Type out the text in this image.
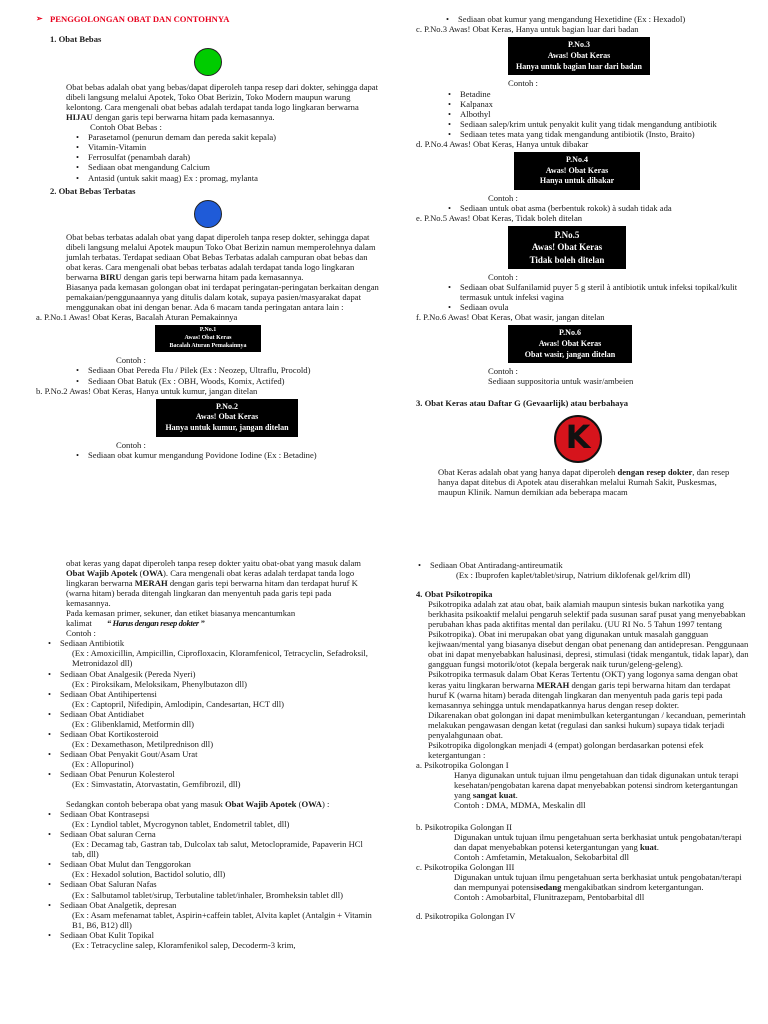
➢ PENGGOLONGAN OBAT DAN CONTOHNYA
1. Obat Bebas
Obat bebas adalah obat yang bebas/dapat diperoleh tanpa resep dari dokter, sehingga dapat dibeli langsung melalui Apotek, Toko Obat Berizin, Toko Modern maupun warung kelontong. Cara mengenali obat bebas adalah terdapat tanda logo lingkaran berwarna HIJAU dengan garis tepi berwarna hitam pada kemasannya.
Contoh Obat Bebas :
• Parasetamol (penurun demam dan pereda sakit kepala)
• Vitamin-Vitamin
• Ferrosulfat (penambah darah)
• Sediaan obat mengandung Calcium
• Antasid (untuk sakit maag) Ex : promag, mylanta
2. Obat Bebas Terbatas
Obat bebas terbatas adalah obat yang dapat diperoleh tanpa resep dokter, sehingga dapat dibeli langsung melalui Apotek maupun Toko Obat Berizin namun memperolehnya dalam jumlah terbatas. Terdapat sediaan Obat Bebas Terbatas adalah campuran obat bebas dan obat keras. Cara mengenali obat bebas terbatas adalah terdapat tanda logo lingkaran berwarna BIRU dengan garis tepi berwarna hitam pada kemasannya.
Biasanya pada kemasan golongan obat ini terdapat peringatan-peringatan berkaitan dengan pemakaian/penggunaannya yang ditulis dalam kotak, supaya pasien/masyarakat dapat menggunakan obat ini dengan benar. Ada 6 macam tanda peringatan antara lain :
a. P.No.1 Awas! Obat Keras, Bacalah Aturan Pemakainnya
P.No.1
Awas! Obat Keras
Bacalah Aturan Pemakainnya
Contoh :
• Sediaan Obat Pereda Flu / Pilek (Ex : Neozep, Ultraflu, Procold)
• Sediaan Obat Batuk (Ex : OBH, Woods, Komix, Actifed)
b. P.No.2 Awas! Obat Keras, Hanya untuk kumur, jangan ditelan
P.No.2
Awas! Obat Keras
Hanya untuk kumur, jangan ditelan
Contoh :
• Sediaan obat kumur mengandung Povidone Iodine (Ex : Betadine)
• Sediaan obat kumur yang mengandung Hexetidine (Ex : Hexadol)
c. P.No.3 Awas! Obat Keras, Hanya untuk bagian luar dari badan
P.No.3
Awas! Obat Keras
Hanya untuk bagian luar dari badan
Contoh :
• Betadine
• Kalpanax
• Albothyl
• Sediaan salep/krim untuk penyakit kulit yang tidak mengandung antibiotik
• Sediaan tetes mata yang tidak mengandung antibiotik (Insto, Braito)
d. P.No.4 Awas! Obat Keras, Hanya untuk dibakar
P.No.4
Awas! Obat Keras
Hanya untuk dibakar
Contoh :
• Sediaan untuk obat asma (berbentuk rokok) à sudah tidak ada
e. P.No.5 Awas! Obat Keras, Tidak boleh ditelan
P.No.5
Awas! Obat Keras
Tidak boleh ditelan
Contoh :
• Sediaan obat Sulfanilamid puyer 5 g steril à antibiotik untuk infeksi topikal/kulit termasuk untuk infeksi vagina
• Sediaan ovula
f. P.No.6 Awas! Obat Keras, Obat wasir, jangan ditelan
P.No.6
Awas! Obat Keras
Obat wasir, jangan ditelan
Contoh :
Sediaan suppositoria untuk wasir/ambeien
3. Obat Keras atau Daftar G (Gevaarlijk) atau berbahaya
K
Obat Keras adalah obat yang hanya dapat diperoleh dengan resep dokter, dan resep hanya dapat ditebus di Apotek atau diserahkan melalui Rumah Sakit, Puskesmas, maupun Klinik. Namun demikian ada beberapa macam
obat keras yang dapat diperoleh tanpa resep dokter yaitu obat-obat yang masuk dalam Obat Wajib Apotek (OWA). Cara mengenali obat keras adalah terdapat tanda logo lingkaran berwarna MERAH dengan garis tepi berwarna hitam dan terdapat huruf K (warna hitam) berada ditengah lingkaran dan menyentuh pada garis tepi pada kemasannya.
Pada kemasan primer, sekuner, dan etiket biasanya mencantumkan
kalimat “ Harus dengan resep dokter ”
Contoh :
• Sediaan Antibiotik
(Ex : Amoxicillin, Ampicillin, Ciprofloxacin, Kloramfenicol, Tetracyclin, Sefadroksil, Metronidazol dll)
• Sediaan Obat Analgesik (Pereda Nyeri)
(Ex : Piroksikam, Meloksikam, Phenylbutazon dll)
• Sediaan Obat Antihipertensi
(Ex : Captopril, Nifedipin, Amlodipin, Candesartan, HCT dll)
• Sediaan Obat Antidiabet
(Ex : Glibenklamid, Metformin dll)
• Sediaan Obat Kortikosteroid
(Ex : Dexamethason, Metilprednison dll)
• Sediaan Obat Penyakit Gout/Asam Urat
(Ex : Allopurinol)
• Sediaan Obat Penurun Kolesterol
(Ex : Simvastatin, Atorvastatin, Gemfibrozil, dll)
Sedangkan contoh beberapa obat yang masuk Obat Wajib Apotek (OWA) :
• Sediaan Obat Kontrasepsi
(Ex : Lyndiol tablet, Mycrogynon tablet, Endometril tablet, dll)
• Sediaan Obat saluran Cerna
(Ex : Decamag tab, Gastran tab, Dulcolax tab salut, Metoclopramide, Papaverin HCl tab, dll)
• Sediaan Obat Mulut dan Tenggorokan
(Ex : Hexadol solution, Bactidol solutio, dll)
• Sediaan Obat Saluran Nafas
(Ex : Salbutamol tablet/sirup, Terbutaline tablet/inhaler, Bromheksin tablet dll)
• Sediaan Obat Analgetik, depresan
(Ex : Asam mefenamat tablet, Aspirin+caffein tablet, Alvita kaplet (Antalgin + Vitamin B1, B6, B12) dll)
• Sediaan Obat Kulit Topikal
(Ex : Tetracycline salep, Kloramfenikol salep, Decoderm-3 krim,
• Sediaan Obat Antiradang-antireumatik
(Ex : Ibuprofen kaplet/tablet/sirup, Natrium diklofenak gel/krim dll)
4. Obat Psikotropika
Psikotropika adalah zat atau obat, baik alamiah maupun sintesis bukan narkotika yang berkhasita psikoaktif melalui pengaruh selektif pada susunan saraf pusat yang menyebabkan perubahan khas pada aktifitas mental dan perilaku. (UU RI No. 5 Tahun 1997 tentang Psikotropika). Obat ini merupakan obat yang digunakan untuk masalah gangguan kejiwaan/mental yang biasanya disebut dengan obat penenang dan antidepresan. Penggunaan obat ini dapat menyebabkan halusinasi, depresi, stimulasi (tidak mengantuk, tidak lapar), dan gangguan fungsi motorik/otot (kepala bergerak naik turun/geleng-geleng).
Psikotropika termasuk dalam Obat Keras Tertentu (OKT) yang logonya sama dengan obat keras yaitu lingkaran berwarna MERAH dengan garis tepi berwarna hitam dan terdapat huruf K (warna hitam) berada ditengah lingkaran dan menyentuh pada garis tepi pada kemasannya sehingga untuk mendapatkannya harus dengan resep dokter.
Dikarenakan obat golongan ini dapat menimbulkan ketergantungan / kecanduan, pemerintah melakukan pengawasan dengan ketat (regulasi dan sanksi hukum) supaya tidak terjadi penyalahgunaan obat.
Psikotropika digolongkan menjadi 4 (empat) golongan berdasarkan potensi efek ketergantungan :
a. Psikotropika Golongan I
Hanya digunakan untuk tujuan ilmu pengetahuan dan tidak digunakan untuk terapi kesehatan/pengobatan karena dapat menyebabkan potensi sindrom ketergantungan yang sangat kuat.
Contoh : DMA, MDMA, Meskalin dll
b. Psikotropika Golongan II
Digunakan untuk tujuan ilmu pengetahuan serta berkhasiat untuk pengobatan/terapi dan dapat menyebabkan potensi ketergantungan yang kuat.
Contoh : Amfetamin, Metakualon, Sekobarbital dll
c. Psikotropika Golongan III
Digunakan untuk tujuan ilmu pengetahuan serta berkhasiat untuk pengobatan/terapi dan mempunyai potensisedang mengakibatkan sindrom ketergantungan.
Contoh : Amobarbital, Flunitrazepam, Pentobarbital dll
d. Psikotropika Golongan IV
